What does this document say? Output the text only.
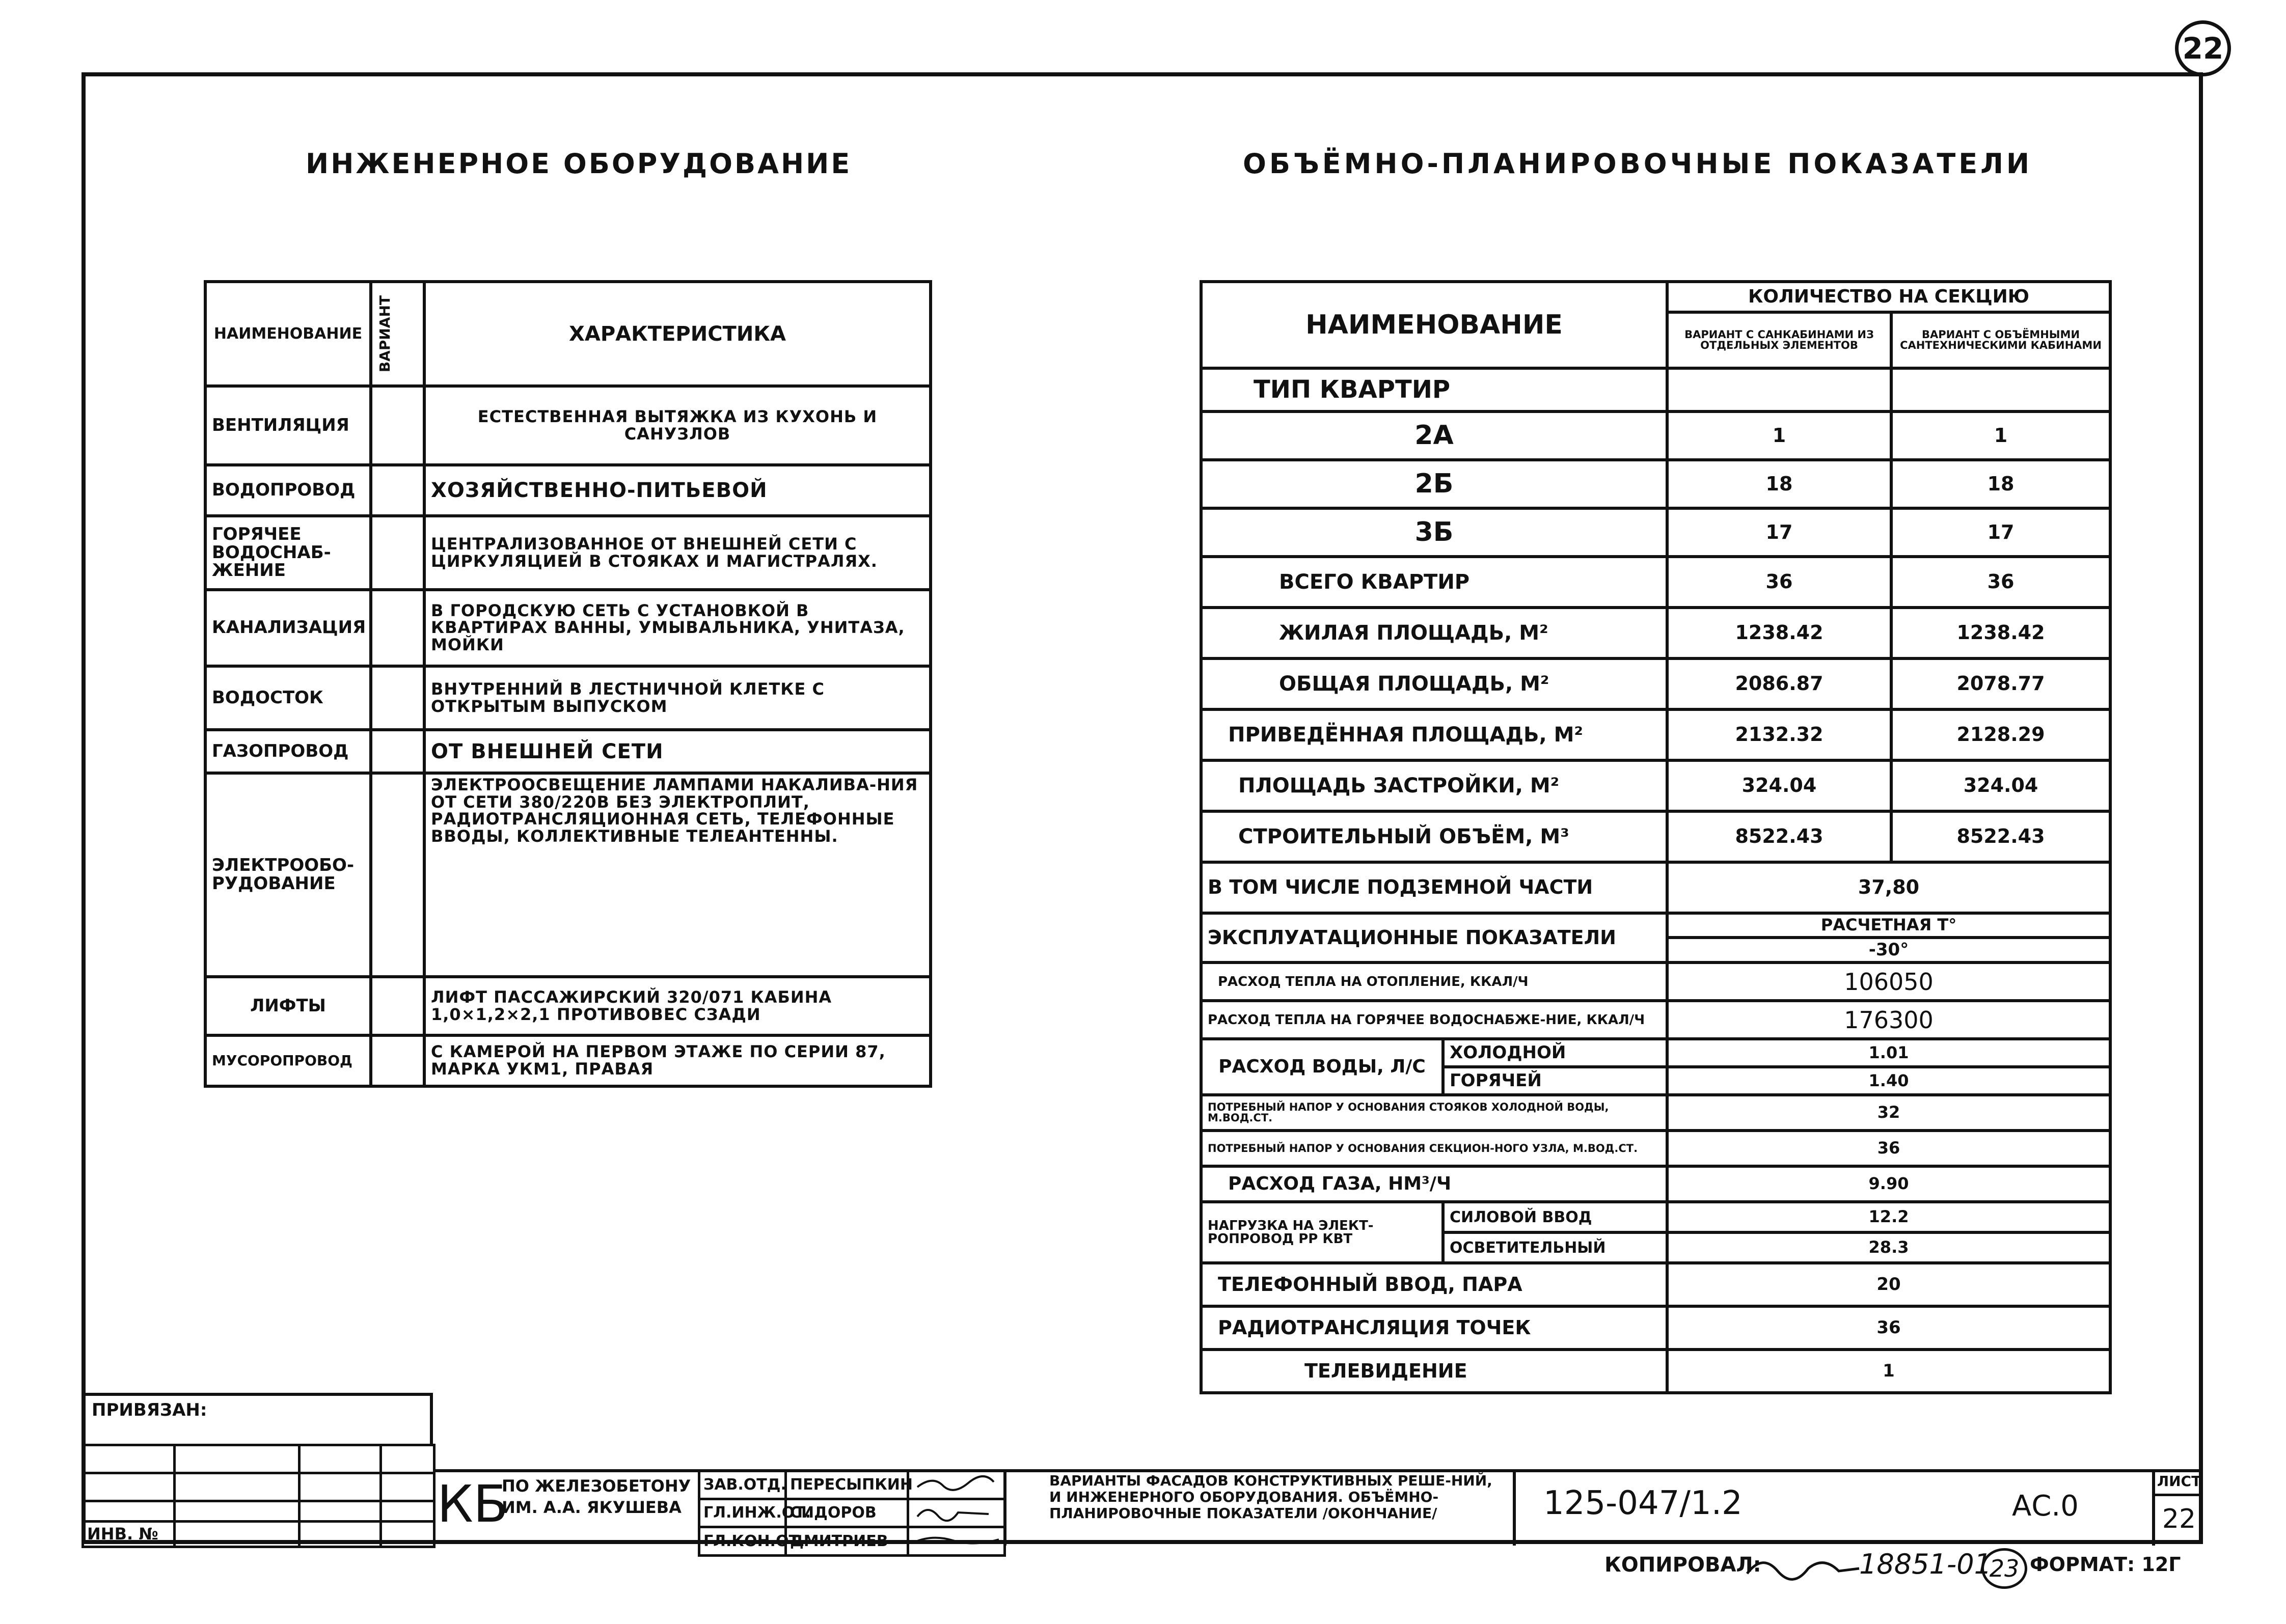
22
ИНЖЕНЕРНОЕ ОБОРУДОВАНИЕ	ОБЪЁМНО-ПЛАНИРОВОЧНЫЕ ПОКАЗАТЕЛИ
НАИМЕНОВАНИЕ	ВАРИАНТ	ХАРАКТЕРИСТИКА
ВЕНТИЛЯЦИЯ		ЕСТЕСТВЕННАЯ ВЫТЯЖКА ИЗ КУХОНЬ И САНУЗЛОВ
ВОДОПРОВОД		ХОЗЯЙСТВЕННО-ПИТЬЕВОЙ
ГОРЯЧЕЕ ВОДОСНАБ-ЖЕНИЕ		ЦЕНТРАЛИЗОВАННОЕ ОТ ВНЕШНЕЙ СЕТИ С ЦИРКУЛЯЦИЕЙ В СТОЯКАХ И МАГИСТРАЛЯХ.
КАНАЛИЗАЦИЯ		В ГОРОДСКУЮ СЕТЬ С УСТАНОВКОЙ В КВАРТИРАХ ВАННЫ, УМЫВАЛЬНИКА, УНИТАЗА, МОЙКИ
ВОДОСТОК		ВНУТРЕННИЙ В ЛЕСТНИЧНОЙ КЛЕТКЕ С ОТКРЫТЫМ ВЫПУСКОМ
ГАЗОПРОВОД		ОТ ВНЕШНЕЙ СЕТИ
ЭЛЕКТРООБО-РУДОВАНИЕ		ЭЛЕКТРООСВЕЩЕНИЕ ЛАМПАМИ НАКАЛИВА-НИЯ ОТ СЕТИ 380/220В БЕЗ ЭЛЕКТРОПЛИТ, РАДИОТРАНСЛЯЦИОННАЯ СЕТЬ, ТЕЛЕФОННЫЕ ВВОДЫ, КОЛЛЕКТИВНЫЕ ТЕЛЕАНТЕННЫ.
ЛИФТЫ		ЛИФТ ПАССАЖИРСКИЙ 320/071 КАБИНА 1,0×1,2×2,1 ПРОТИВОВЕС СЗАДИ
МУСОРОПРОВОД		С КАМЕРОЙ НА ПЕРВОМ ЭТАЖЕ ПО СЕРИИ 87, МАРКА УКМ1, ПРАВАЯ
НАИМЕНОВАНИЕ		КОЛИЧЕСТВО НА СЕКЦИЮ	
		ВАРИАНТ С САНКАБИНАМИ ИЗ ОТДЕЛЬНЫХ ЭЛЕМЕНТОВ	ВАРИАНТ С ОБЪЁМНЫМИ САНТЕХНИЧЕСКИМИ КАБИНАМИ
ТИП КВАРТИР			
2А		1	1
2Б		18	18
3Б		17	17
ВСЕГО КВАРТИР		36	36
ЖИЛАЯ ПЛОЩАДЬ, М²		1238.42	1238.42
ОБЩАЯ ПЛОЩАДЬ, М²		2086.87	2078.77
ПРИВЕДЁННАЯ ПЛОЩАДЬ, М²		2132.32	2128.29
ПЛОЩАДЬ ЗАСТРОЙКИ, М²		324.04	324.04
СТРОИТЕЛЬНЫЙ ОБЪЁМ, М³		8522.43	8522.43
В ТОМ ЧИСЛЕ ПОДЗЕМНОЙ ЧАСТИ		37,80	
ЭКСПЛУАТАЦИОННЫЕ ПОКАЗАТЕЛИ		РАСЧЕТНАЯ T°	
		-30°	
РАСХОД ТЕПЛА НА ОТОПЛЕНИЕ, ККАЛ/Ч		106050	
РАСХОД ТЕПЛА НА ГОРЯЧЕЕ ВОДОСНАБЖЕ-НИЕ, ККАЛ/Ч		176300	
РАСХОД ВОДЫ, Л/С	ХОЛОДНОЙ	1.01	
	ГОРЯЧЕЙ	1.40	
ПОТРЕБНЫЙ НАПОР У ОСНОВАНИЯ СТОЯКОВ ХОЛОДНОЙ ВОДЫ, М.ВОД.СТ.		32	
ПОТРЕБНЫЙ НАПОР У ОСНОВАНИЯ СЕКЦИОН-НОГО УЗЛА, М.ВОД.СТ.		36	
РАСХОД ГАЗА, НМ³/Ч		9.90	
НАГРУЗКА НА ЭЛЕКТ-РОПРОВОД РР КВТ	СИЛОВОЙ ВВОД	12.2	
	ОСВЕТИТЕЛЬНЫЙ	28.3	
ТЕЛЕФОННЫЙ ВВОД, ПАРА		20	
РАДИОТРАНСЛЯЦИЯ ТОЧЕК		36	
ТЕЛЕВИДЕНИЕ		1	
ПРИВЯЗАН:

ИНВ. №				КБ
ПО ЖЕЛЕЗОБЕТОНУ ИМ. А.А. ЯКУШЕВА
ЗАВ.ОТД.	ПЕРЕСЫПКИН	
ГЛ.ИНЖ.ОТ.	СИДОРОВ	
ГЛ.КОН.ОТ.	ДМИТРИЕВ	
ВАРИАНТЫ ФАСАДОВ КОНСТРУКТИВНЫХ РЕШЕ-НИЙ, И ИНЖЕНЕРНОГО ОБОРУДОВАНИЯ. ОБЪЁМНО-ПЛАНИРОВОЧНЫЕ ПОКАЗАТЕЛИ /ОКОНЧАНИЕ/	125-047/1.2	АС.0
ЛИСТ
22
КОПИРОВАЛ:	18851-01
23 ФОРМАТ: 12Г
